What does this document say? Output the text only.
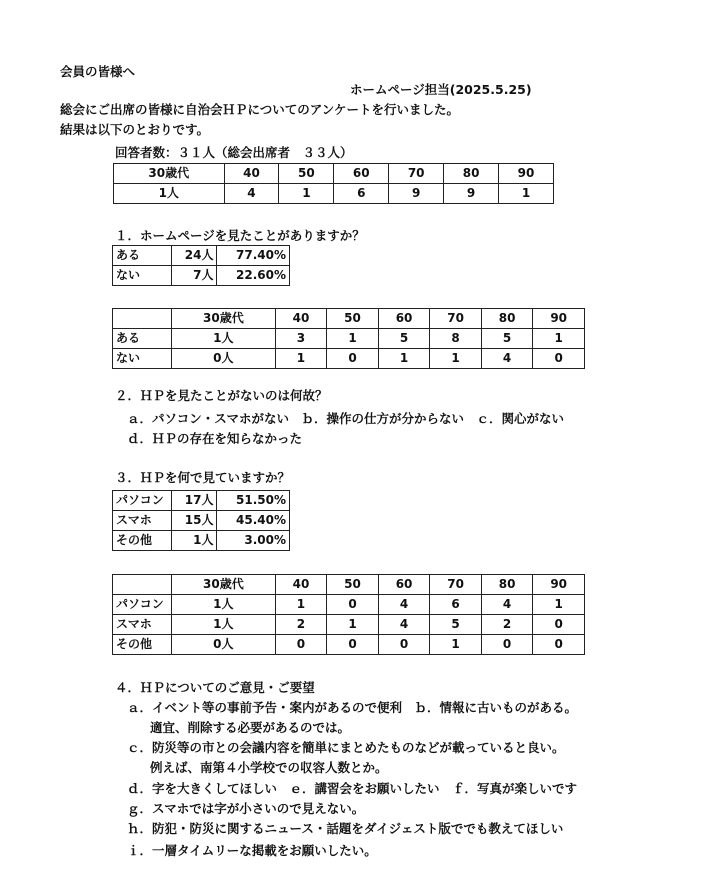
会員の皆様へ
ホームページ担当(2025.5.25)
総会にご出席の皆様に自治会ＨＰについてのアンケートを行いました。
結果は以下のとおりです。
回答者数：３１人（総会出席者　３３人）
30歳代	40	50	60	70	80	90
1人	4	1	6	9	9	1
１．ホームページを見たことがありますか？
ある	24人	77.40%
ない	7人	22.60%
	30歳代	40	50	60	70	80	90
ある	1人	3	1	5	8	5	1
ない	0人	1	0	1	1	4	0
２．ＨＰを見たことがないのは何故？
ａ．パソコン・スマホがない　ｂ．操作の仕方が分からない　ｃ．関心がない
ｄ．ＨＰの存在を知らなかった
３．ＨＰを何で見ていますか？
パソコン	17人	51.50%
スマホ	15人	45.40%
その他	1人	3.00%
	30歳代	40	50	60	70	80	90
パソコン	1人	1	0	4	6	4	1
スマホ	1人	2	1	4	5	2	0
その他	0人	0	0	0	1	0	0
４．ＨＰについてのご意見・ご要望
ａ．イベント等の事前予告・案内があるので便利　ｂ．情報に古いものがある。
適宜、削除する必要があるのでは。
ｃ．防災等の市との会議内容を簡単にまとめたものなどが載っていると良い。
例えば、南第４小学校での収容人数とか。
ｄ．字を大きくしてほしい　ｅ．講習会をお願いしたい　ｆ．写真が楽しいです
ｇ．スマホでは字が小さいので見えない。
ｈ．防犯・防災に関するニュース・話題をダイジェスト版ででも教えてほしい
ｉ．一層タイムリーな掲載をお願いしたい。
